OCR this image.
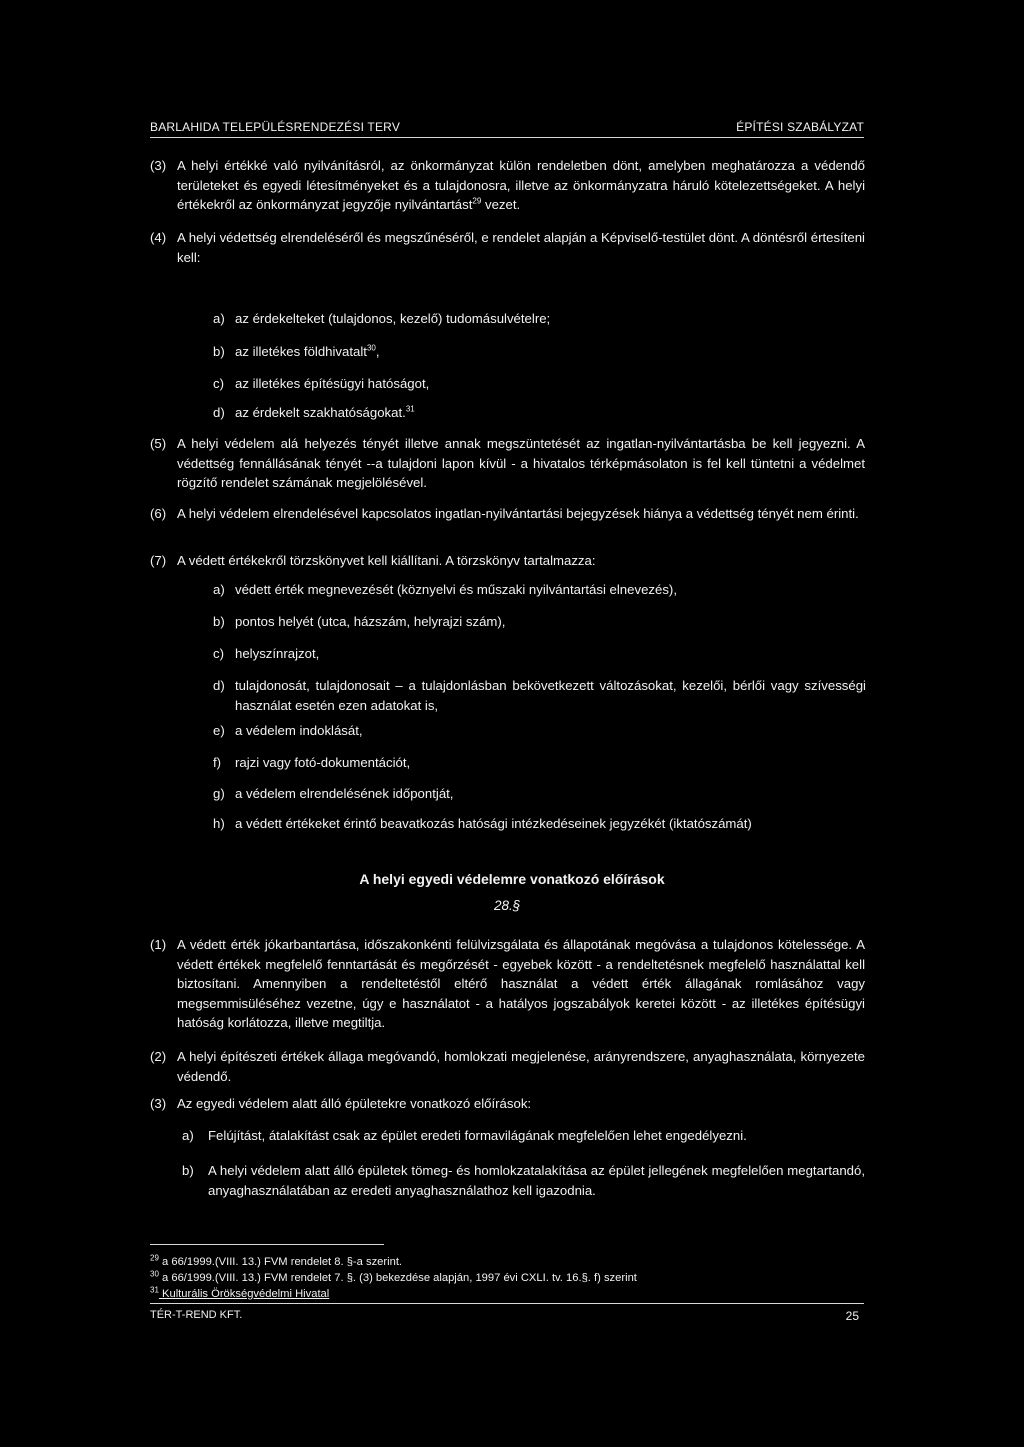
BARLAHIDA TELEPÜLÉSRENDEZÉSI TERV	ÉPÍTÉSI SZABÁLYZAT
(3) A helyi értékké való nyilvánításról, az önkormányzat külön rendeletben dönt, amelyben meghatározza a védendő területeket és egyedi létesítményeket és a tulajdonosra, illetve az önkormányzatra háruló kötelezettségeket. A helyi értékekről az önkormányzat jegyzője nyilvántartást$^{29}$ vezet.
(4) A helyi védettség elrendeléséről és megszűnéséről, e rendelet alapján a Képviselő-testület dönt. A döntésről értesíteni kell:
a) az érdekelteket (tulajdonos, kezelő) tudomásulvételre;
b) az illetékes földhivatalt$^{30}$,
c) az illetékes építésügyi hatóságot,
d) az érdekelt szakhatóságokat.$^{31}$
(5) A helyi védelem alá helyezés tényét illetve annak megszüntetését az ingatlan-nyilvántartásba be kell jegyezni. A védettség fennállásának tényét --a tulajdoni lapon kívül - a hivatalos térképmásolaton is fel kell tüntetni a védelmet rögzítő rendelet számának megjelölésével.
(6) A helyi védelem elrendelésével kapcsolatos ingatlan-nyilvántartási bejegyzések hiánya a védettség tényét nem érinti.
(7) A védett értékekről törzskönyvet kell kiállítani. A törzskönyv tartalmazza:
a) védett érték megnevezését (köznyelvi és műszaki nyilvántartási elnevezés),
b) pontos helyét (utca, házszám, helyrajzi szám),
c) helyszínrajzot,
d) tulajdonosát, tulajdonosait – a tulajdonlásban bekövetkezett változásokat, kezelői, bérlői vagy szívességi használat esetén ezen adatokat is,
e) a védelem indoklását,
f) rajzi vagy fotó-dokumentációt,
g) a védelem elrendelésének időpontját,
h) a védett értékeket érintő beavatkozás hatósági intézkedéseinek jegyzékét (iktatószámát)
A helyi egyedi védelemre vonatkozó előírások
28.§
(1) A védett érték jókarbantartása, időszakonkénti felülvizsgálata és állapotának megóvása a tulajdonos kötelessége. A védett értékek megfelelő fenntartását és megőrzését - egyebek között - a rendeltetésnek megfelelő használattal kell biztosítani. Amennyiben a rendeltetéstől eltérő használat a védett érték állagának romlásához vagy megsemmisüléséhez vezetne, úgy e használatot - a hatályos jogszabályok keretei között - az illetékes építésügyi hatóság korlátozza, illetve megtiltja.
(2) A helyi építészeti értékek állaga megóvandó, homlokzati megjelenése, arányrendszere, anyaghasználata, környezete védendő.
(3) Az egyedi védelem alatt álló épületekre vonatkozó előírások:
a) Felújítást, átalakítást csak az épület eredeti formavilágának megfelelően lehet engedélyezni.
b) A helyi védelem alatt álló épületek tömeg- és homlokzatalakítása az épület jellegének megfelelően megtartandó, anyaghasználatában az eredeti anyaghasználathoz kell igazodnia.
$^{29}$ a 66/1999.(VIII. 13.) FVM rendelet 8. §-a szerint.
$^{30}$ a 66/1999.(VIII. 13.) FVM rendelet 7. §. (3) bekezdése alapján, 1997 évi CXLI. tv. 16.§. f) szerint
$^{31}$ Kulturális Örökségvédelmi Hivatal
TÉR-T-REND KFT.	25
